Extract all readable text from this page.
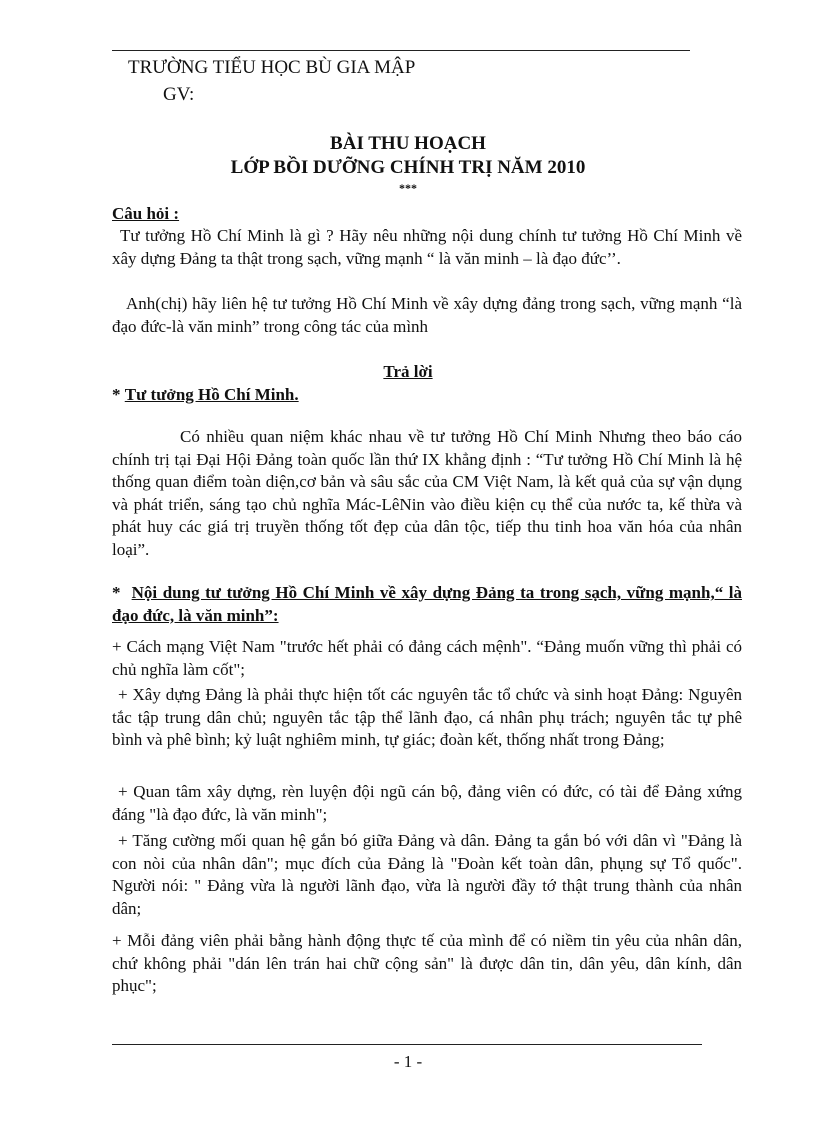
TRƯỜNG TIỂU HỌC BÙ GIA MẬP
GV:
BÀI THU HOẠCH
LỚP BỒI DƯỠNG CHÍNH TRỊ NĂM 2010
***
Câu hỏi :

Tư tưởng Hồ Chí Minh là gì ? Hãy nêu những nội dung chính tư tưởng Hồ Chí Minh về xây dựng Đảng ta thật trong sạch, vững mạnh “ là văn minh – là đạo đức’’.

Anh(chị) hãy liên hệ tư tưởng Hồ Chí Minh về xây dựng đảng trong sạch, vững mạnh “là đạo đức-là văn minh” trong công tác của mình

Trả lời
* Tư tưởng Hồ Chí Minh.

Có nhiều quan niệm khác nhau về tư tưởng Hồ Chí Minh Nhưng theo báo cáo chính trị tại Đại Hội Đảng toàn quốc lần thứ IX khẳng định : “Tư tưởng Hồ Chí Minh là hệ thống quan điểm toàn diện,cơ bản và sâu sắc của CM Việt Nam, là kết quả của sự vận dụng và phát triển, sáng tạo chủ nghĩa Mác-LêNin vào điều kiện cụ thể của nước ta, kế thừa và phát huy các giá trị truyền thống tốt đẹp của dân tộc, tiếp thu tinh hoa văn hóa của nhân loại”.

* Nội dung tư tưởng Hồ Chí Minh về xây dựng Đảng ta trong sạch, vững mạnh,“ là đạo đức, là văn minh”:

+ Cách mạng Việt Nam "trước hết phải có đảng cách mệnh". “Đảng muốn vững thì phải có chủ nghĩa làm cốt";

+ Xây dựng Đảng là phải thực hiện tốt các nguyên tắc tổ chức và sinh hoạt Đảng: Nguyên tắc tập trung dân chủ; nguyên tắc tập thể lãnh đạo, cá nhân phụ trách; nguyên tắc tự phê bình và phê bình; kỷ luật nghiêm minh, tự giác; đoàn kết, thống nhất trong Đảng;

+ Quan tâm xây dựng, rèn luyện đội ngũ cán bộ, đảng viên có đức, có tài để Đảng xứng đáng "là đạo đức, là văn minh";

+ Tăng cường mối quan hệ gắn bó giữa Đảng và dân. Đảng ta gắn bó với dân vì "Đảng là con nòi của nhân dân"; mục đích của Đảng là "Đoàn kết toàn dân, phụng sự Tổ quốc". Người nói: " Đảng vừa là người lãnh đạo, vừa là người đầy tớ thật trung thành của nhân dân;

+ Mỗi đảng viên phải bằng hành động thực tế của mình để có niềm tin yêu của nhân dân, chứ không phải "dán lên trán hai chữ cộng sản" là được dân tin, dân yêu, dân kính, dân phục";

- 1 -
